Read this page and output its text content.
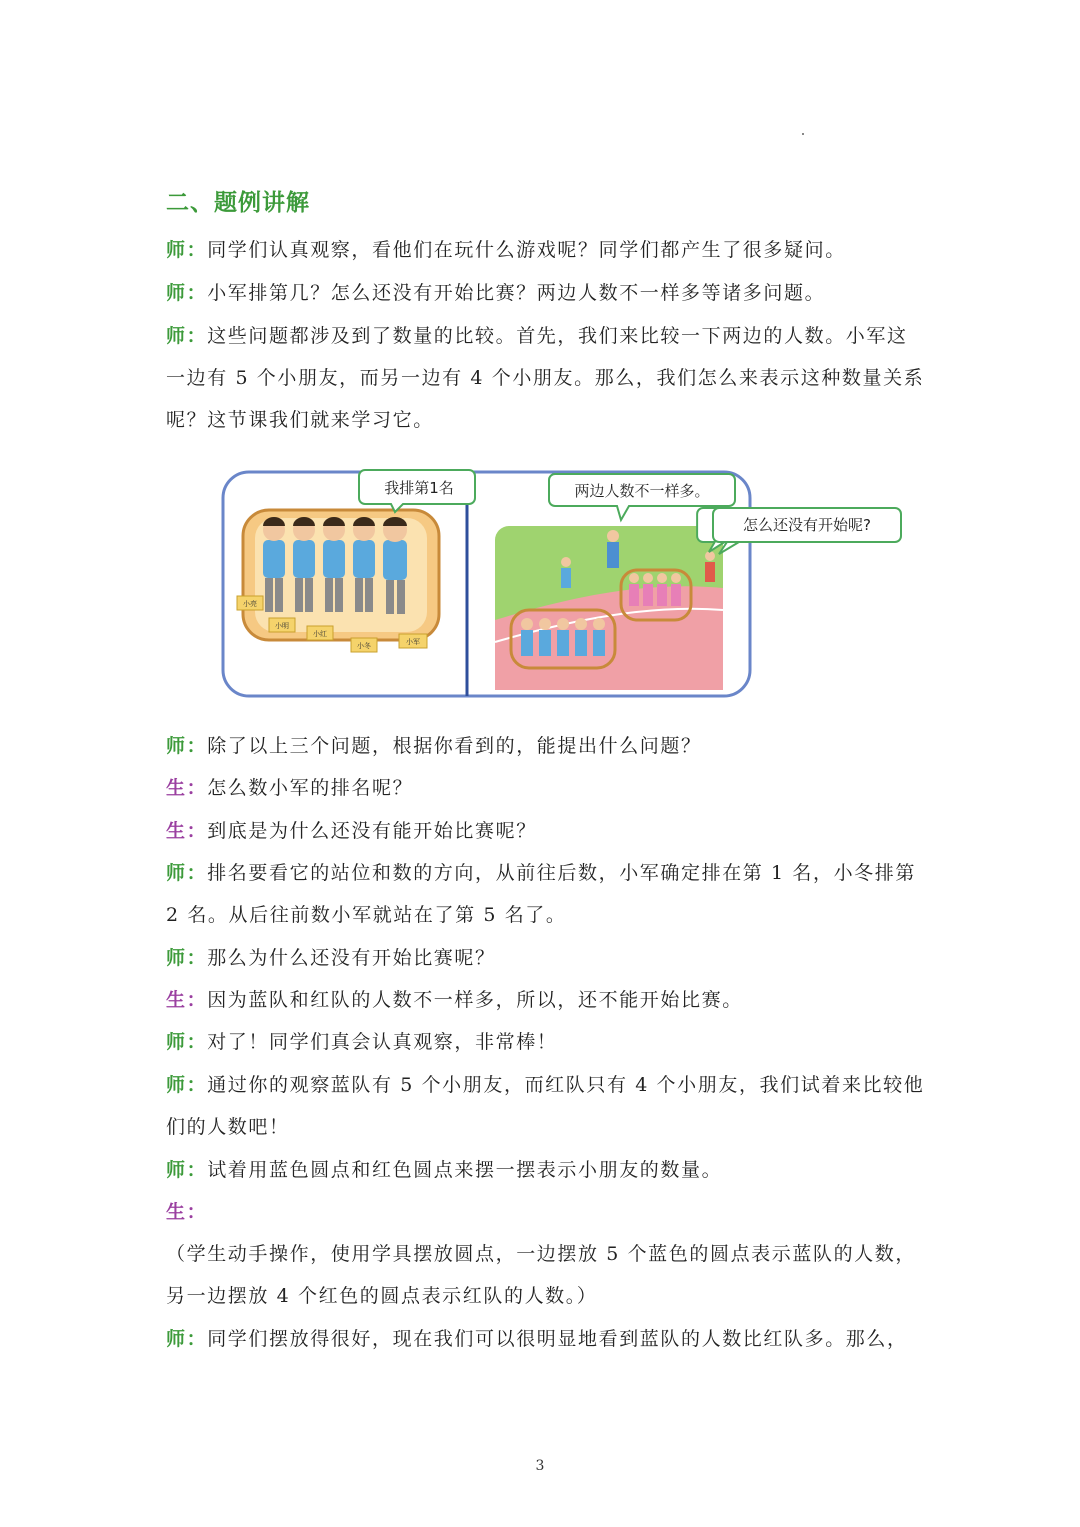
二、题例讲解
师：同学们认真观察，看他们在玩什么游戏呢？同学们都产生了很多疑问。
师：小军排第几？怎么还没有开始比赛？两边人数不一样多等诸多问题。
师：这些问题都涉及到了数量的比较。首先，我们来比较一下两边的人数。小军这一边有 5 个小朋友，而另一边有 4 个小朋友。那么，我们怎么来表示这种数量关系呢？这节课我们就来学习它。
小亮
小明
小红
小冬	小军
我排第1名	两边人数不一样多。
怎么还没有开始呢?
师：除了以上三个问题，根据你看到的，能提出什么问题？
生：怎么数小军的排名呢？
生：到底是为什么还没有能开始比赛呢？
师：排名要看它的站位和数的方向，从前往后数，小军确定排在第 1 名，小冬排第 2 名。从后往前数小军就站在了第 5 名了。
师：那么为什么还没有开始比赛呢？
生：因为蓝队和红队的人数不一样多，所以，还不能开始比赛。
师：对了！同学们真会认真观察，非常棒！
师：通过你的观察蓝队有 5 个小朋友，而红队只有 4 个小朋友，我们试着来比较他们的人数吧！
师：试着用蓝色圆点和红色圆点来摆一摆表示小朋友的数量。
生：
（学生动手操作，使用学具摆放圆点，一边摆放 5 个蓝色的圆点表示蓝队的人数，另一边摆放 4 个红色的圆点表示红队的人数。）
师：同学们摆放得很好，现在我们可以很明显地看到蓝队的人数比红队多。那么，
3
